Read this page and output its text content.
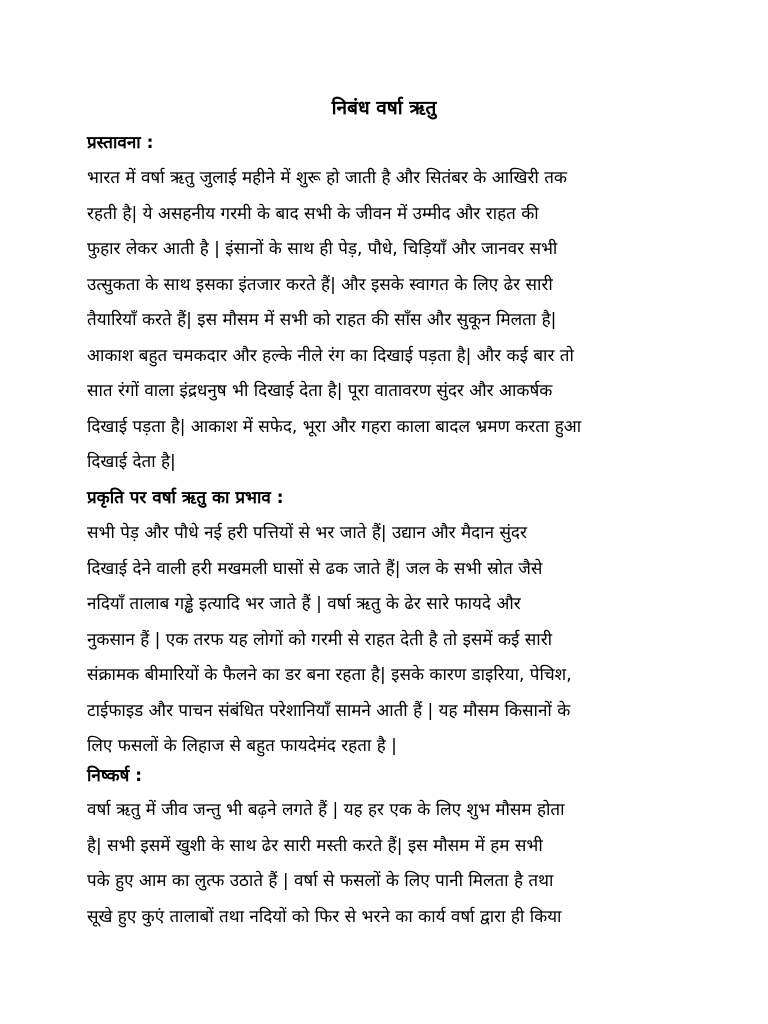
निबंध वर्षा ऋतु
प्रस्तावना :
भारत में वर्षा ऋतु जुलाई महीने में शुरू हो जाती है और सितंबर के आखिरी तक
रहती है| ये असहनीय गरमी के बाद सभी के जीवन में उम्मीद और राहत की
फुहार लेकर आती है | इंसानों के साथ ही पेड़, पौधे, चिड़ियाँ और जानवर सभी
उत्सुकता के साथ इसका इंतजार करते हैं| और इसके स्वागत के लिए ढेर सारी
तैयारियाँ करते हैं| इस मौसम में सभी को राहत की साँस और सुकून मिलता है|
आकाश बहुत चमकदार और हल्के नीले रंग का दिखाई पड़ता है| और कई बार तो
सात रंगों वाला इंद्रधनुष भी दिखाई देता है| पूरा वातावरण सुंदर और आकर्षक
दिखाई पड़ता है| आकाश में सफेद, भूरा और गहरा काला बादल भ्रमण करता हुआ
दिखाई देता है|
प्रकृति पर वर्षा ऋतु का प्रभाव :
सभी पेड़ और पौधे नई हरी पत्तियों से भर जाते हैं| उद्यान और मैदान सुंदर
दिखाई देने वाली हरी मखमली घासों से ढक जाते हैं| जल के सभी स्रोत जैसे
नदियाँ तालाब गड्ढे इत्यादि भर जाते हैं | वर्षा ऋतु के ढेर सारे फायदे और
नुकसान हैं | एक तरफ यह लोगों को गरमी से राहत देती है तो इसमें कई सारी
संक्रामक बीमारियों के फैलने का डर बना रहता है| इसके कारण डाइरिया, पेचिश,
टाईफाइड और पाचन संबंधित परेशानियाँ सामने आती हैं | यह मौसम किसानों के
लिए फसलों के लिहाज से बहुत फायदेमंद रहता है |
निष्कर्ष :
वर्षा ऋतु में जीव जन्तु भी बढ़ने लगते हैं | यह हर एक के लिए शुभ मौसम होता
है| सभी इसमें खुशी के साथ ढेर सारी मस्ती करते हैं| इस मौसम में हम सभी
पके हुए आम का लुत्फ उठाते हैं | वर्षा से फसलों के लिए पानी मिलता है तथा
सूखे हुए कुएं तालाबों तथा नदियों को फिर से भरने का कार्य वर्षा द्वारा ही किया
